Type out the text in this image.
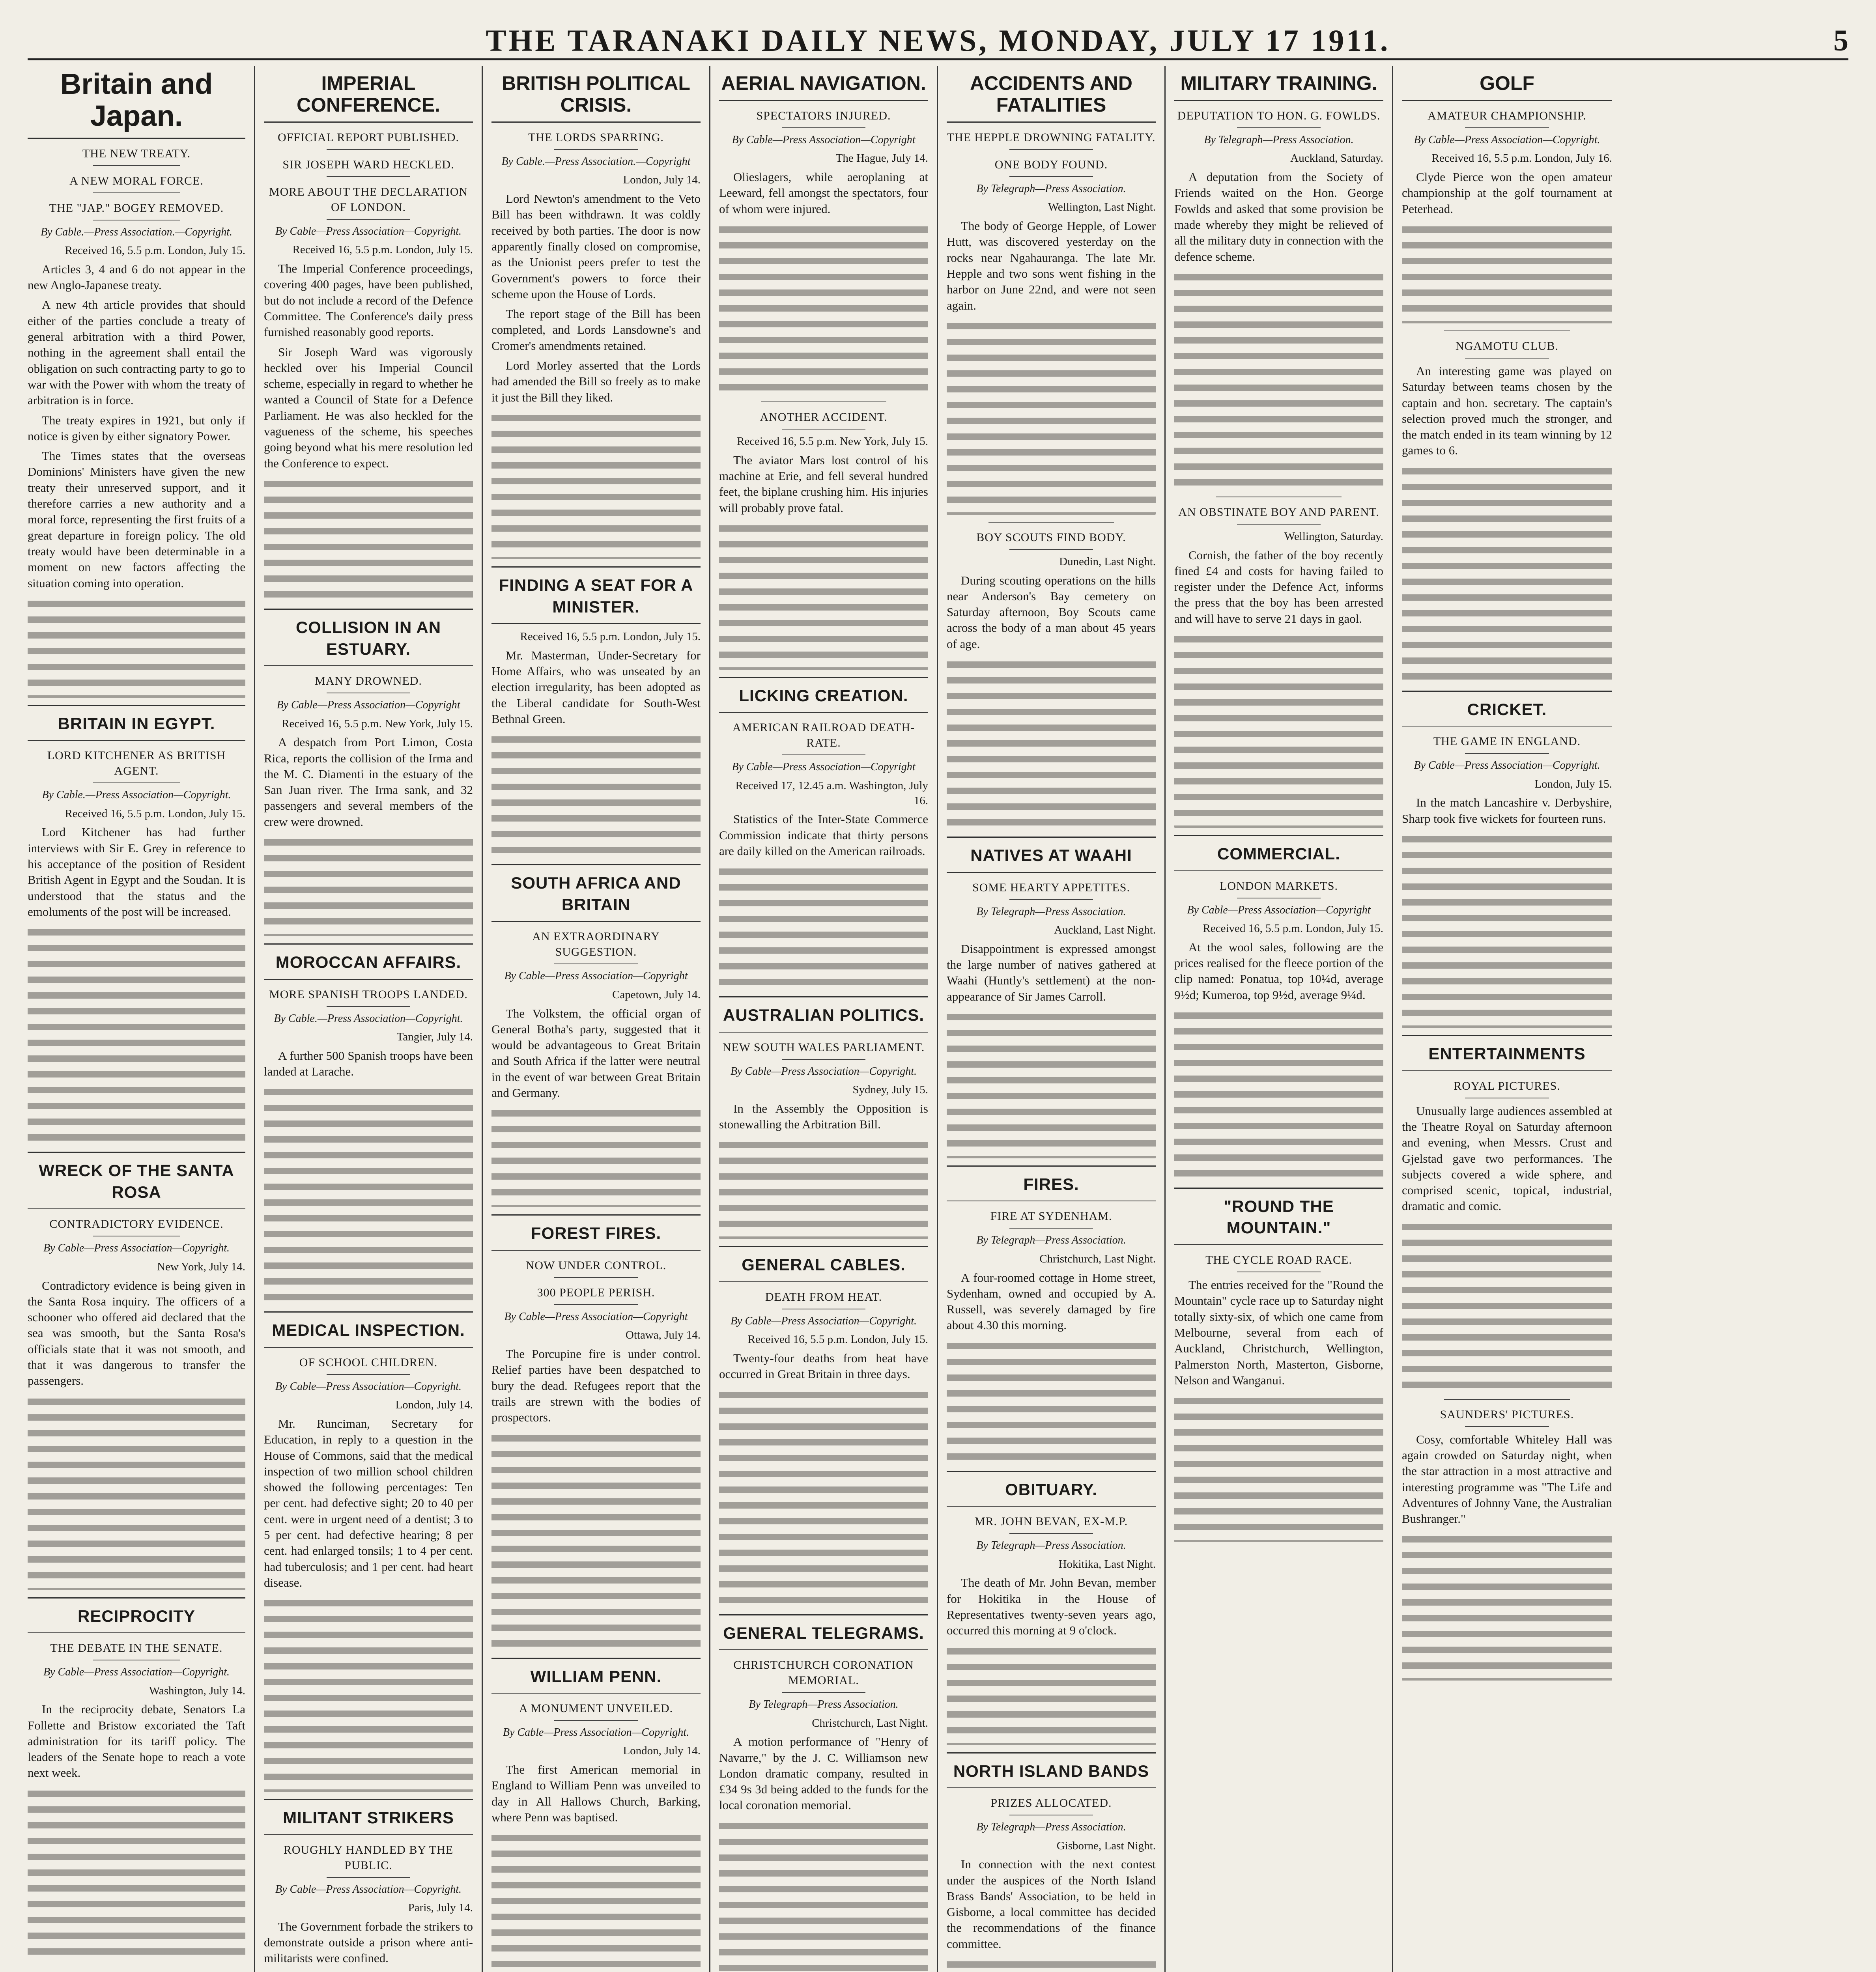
THE TARANAKI DAILY NEWS, MONDAY, JULY 17 1911.	5
Britain and Japan.
THE NEW TREATY.
A NEW MORAL FORCE.
THE "JAP." BOGEY REMOVED.
By Cable.—Press Association.—Copyright.
Received 16, 5.5 p.m. London, July 15.

Articles 3, 4 and 6 do not appear in the new Anglo-Japanese treaty.

A new 4th article provides that should either of the parties conclude a treaty of general arbitration with a third Power, nothing in the agreement shall entail the obligation on such contracting party to go to war with the Power with whom the treaty of arbitration is in force.

The treaty expires in 1921, but only if notice is given by either signatory Power.

The Times states that the overseas Dominions' Ministers have given the new treaty their unreserved support, and it therefore carries a new authority and a moral force, representing the first fruits of a great departure in foreign policy. The old treaty would have been determinable in a moment on new factors affecting the situation coming into operation.

BRITAIN IN EGYPT.
LORD KITCHENER AS BRITISH AGENT.
By Cable.—Press Association—Copyright.
Received 16, 5.5 p.m. London, July 15.

Lord Kitchener has had further interviews with Sir E. Grey in reference to his acceptance of the position of Resident British Agent in Egypt and the Soudan. It is understood that the status and the emoluments of the post will be increased.

WRECK OF THE SANTA ROSA
CONTRADICTORY EVIDENCE.
By Cable—Press Association—Copyright.
New York, July 14.

Contradictory evidence is being given in the Santa Rosa inquiry. The officers of a schooner who offered aid declared that the sea was smooth, but the Santa Rosa's officials state that it was not smooth, and that it was dangerous to transfer the passengers.

RECIPROCITY
THE DEBATE IN THE SENATE.
By Cable—Press Association—Copyright.
Washington, July 14.

In the reciprocity debate, Senators La Follette and Bristow excoriated the Taft administration for its tariff policy. The leaders of the Senate hope to reach a vote next week.

IMPERIAL CONFERENCE.
OFFICIAL REPORT PUBLISHED.
SIR JOSEPH WARD HECKLED.
MORE ABOUT THE DECLARATION OF LONDON.
By Cable—Press Association—Copyright.
Received 16, 5.5 p.m. London, July 15.

The Imperial Conference proceedings, covering 400 pages, have been published, but do not include a record of the Defence Committee. The Conference's daily press furnished reasonably good reports.

Sir Joseph Ward was vigorously heckled over his Imperial Council scheme, especially in regard to whether he wanted a Council of State for a Defence Parliament. He was also heckled for the vagueness of the scheme, his speeches going beyond what his mere resolution led the Conference to expect.

COLLISION IN AN ESTUARY.
MANY DROWNED.
By Cable—Press Association—Copyright
Received 16, 5.5 p.m. New York, July 15.

A despatch from Port Limon, Costa Rica, reports the collision of the Irma and the M. C. Diamenti in the estuary of the San Juan river. The Irma sank, and 32 passengers and several members of the crew were drowned.

MOROCCAN AFFAIRS.
MORE SPANISH TROOPS LANDED.
By Cable.—Press Association—Copyright.
Tangier, July 14.

A further 500 Spanish troops have been landed at Larache.

MEDICAL INSPECTION.
OF SCHOOL CHILDREN.
By Cable—Press Association—Copyright.
London, July 14.

Mr. Runciman, Secretary for Education, in reply to a question in the House of Commons, said that the medical inspection of two million school children showed the following percentages: Ten per cent. had defective sight; 20 to 40 per cent. were in urgent need of a dentist; 3 to 5 per cent. had defective hearing; 8 per cent. had enlarged tonsils; 1 to 4 per cent. had tuberculosis; and 1 per cent. had heart disease.

MILITANT STRIKERS
ROUGHLY HANDLED BY THE PUBLIC.
By Cable—Press Association—Copyright.
Paris, July 14.

The Government forbade the strikers to demonstrate outside a prison where anti-militarists were confined.

BRITISH POLITICAL CRISIS.
THE LORDS SPARRING.
By Cable.—Press Association.—Copyright
London, July 14.

Lord Newton's amendment to the Veto Bill has been withdrawn. It was coldly received by both parties. The door is now apparently finally closed on compromise, as the Unionist peers prefer to test the Government's powers to force their scheme upon the House of Lords.

The report stage of the Bill has been completed, and Lords Lansdowne's and Cromer's amendments retained.

Lord Morley asserted that the Lords had amended the Bill so freely as to make it just the Bill they liked.

FINDING A SEAT FOR A MINISTER.
Received 16, 5.5 p.m. London, July 15.

Mr. Masterman, Under-Secretary for Home Affairs, who was unseated by an election irregularity, has been adopted as the Liberal candidate for South-West Bethnal Green.

SOUTH AFRICA AND BRITAIN
AN EXTRAORDINARY SUGGESTION.
By Cable—Press Association—Copyright
Capetown, July 14.

The Volkstem, the official organ of General Botha's party, suggested that it would be advantageous to Great Britain and South Africa if the latter were neutral in the event of war between Great Britain and Germany.

FOREST FIRES.
NOW UNDER CONTROL.
300 PEOPLE PERISH.
By Cable—Press Association—Copyright
Ottawa, July 14.

The Porcupine fire is under control. Relief parties have been despatched to bury the dead. Refugees report that the trails are strewn with the bodies of prospectors.

WILLIAM PENN.
A MONUMENT UNVEILED.
By Cable—Press Association—Copyright.
London, July 14.

The first American memorial in England to William Penn was unveiled to day in All Hallows Church, Barking, where Penn was baptised.

AERIAL NAVIGATION.
SPECTATORS INJURED.
By Cable—Press Association—Copyright
The Hague, July 14.

Olieslagers, while aeroplaning at Leeward, fell amongst the spectators, four of whom were injured.

ANOTHER ACCIDENT.
Received 16, 5.5 p.m. New York, July 15.

The aviator Mars lost control of his machine at Erie, and fell several hundred feet, the biplane crushing him. His injuries will probably prove fatal.

LICKING CREATION.
AMERICAN RAILROAD DEATH-RATE.
By Cable—Press Association—Copyright
Received 17, 12.45 a.m. Washington, July 16.

Statistics of the Inter-State Commerce Commission indicate that thirty persons are daily killed on the American railroads.

AUSTRALIAN POLITICS.
NEW SOUTH WALES PARLIAMENT.
By Cable—Press Association—Copyright.
Sydney, July 15.

In the Assembly the Opposition is stonewalling the Arbitration Bill.

GENERAL CABLES.
DEATH FROM HEAT.
By Cable—Press Association—Copyright.
Received 16, 5.5 p.m. London, July 15.

Twenty-four deaths from heat have occurred in Great Britain in three days.

GENERAL TELEGRAMS.
CHRISTCHURCH CORONATION MEMORIAL.
By Telegraph—Press Association.
Christchurch, Last Night.

A motion performance of "Henry of Navarre," by the J. C. Williamson new London dramatic company, resulted in £34 9s 3d being added to the funds for the local coronation memorial.

ACCIDENTS AND FATALITIES
THE HEPPLE DROWNING FATALITY.
ONE BODY FOUND.
By Telegraph—Press Association.
Wellington, Last Night.

The body of George Hepple, of Lower Hutt, was discovered yesterday on the rocks near Ngahauranga. The late Mr. Hepple and two sons went fishing in the harbor on June 22nd, and were not seen again.

BOY SCOUTS FIND BODY.
Dunedin, Last Night.

During scouting operations on the hills near Anderson's Bay cemetery on Saturday afternoon, Boy Scouts came across the body of a man about 45 years of age.

NATIVES AT WAAHI
SOME HEARTY APPETITES.
By Telegraph—Press Association.
Auckland, Last Night.

Disappointment is expressed amongst the large number of natives gathered at Waahi (Huntly's settlement) at the non-appearance of Sir James Carroll.

FIRES.
FIRE AT SYDENHAM.
By Telegraph—Press Association.
Christchurch, Last Night.

A four-roomed cottage in Home street, Sydenham, owned and occupied by A. Russell, was severely damaged by fire about 4.30 this morning.

OBITUARY.
MR. JOHN BEVAN, EX-M.P.
By Telegraph—Press Association.
Hokitika, Last Night.

The death of Mr. John Bevan, member for Hokitika in the House of Representatives twenty-seven years ago, occurred this morning at 9 o'clock.

NORTH ISLAND BANDS
PRIZES ALLOCATED.
By Telegraph—Press Association.
Gisborne, Last Night.

In connection with the next contest under the auspices of the North Island Brass Bands' Association, to be held in Gisborne, a local committee has decided the recommendations of the finance committee.

MILITARY TRAINING.
DEPUTATION TO HON. G. FOWLDS.
By Telegraph—Press Association.
Auckland, Saturday.

A deputation from the Society of Friends waited on the Hon. George Fowlds and asked that some provision be made whereby they might be relieved of all the military duty in connection with the defence scheme.

AN OBSTINATE BOY AND PARENT.
Wellington, Saturday.

Cornish, the father of the boy recently fined £4 and costs for having failed to register under the Defence Act, informs the press that the boy has been arrested and will have to serve 21 days in gaol.

COMMERCIAL.
LONDON MARKETS.
By Cable—Press Association—Copyright
Received 16, 5.5 p.m. London, July 15.

At the wool sales, following are the prices realised for the fleece portion of the clip named: Ponatua, top 10¼d, average 9½d; Kumeroa, top 9½d, average 9¼d.

"ROUND THE MOUNTAIN."
THE CYCLE ROAD RACE.

The entries received for the "Round the Mountain" cycle race up to Saturday night totally sixty-six, of which one came from Melbourne, several from each of Auckland, Christchurch, Wellington, Palmerston North, Masterton, Gisborne, Nelson and Wanganui.

GOLF
AMATEUR CHAMPIONSHIP.
By Cable—Press Association—Copyright.
Received 16, 5.5 p.m. London, July 16.

Clyde Pierce won the open amateur championship at the golf tournament at Peterhead.

NGAMOTU CLUB.

An interesting game was played on Saturday between teams chosen by the captain and hon. secretary. The captain's selection proved much the stronger, and the match ended in its team winning by 12 games to 6.

CRICKET.
THE GAME IN ENGLAND.
By Cable—Press Association—Copyright.
London, July 15.

In the match Lancashire v. Derbyshire, Sharp took five wickets for fourteen runs.

ENTERTAINMENTS
ROYAL PICTURES.

Unusually large audiences assembled at the Theatre Royal on Saturday afternoon and evening, when Messrs. Crust and Gjelstad gave two performances. The subjects covered a wide sphere, and comprised scenic, topical, industrial, dramatic and comic.

SAUNDERS' PICTURES.

Cosy, comfortable Whiteley Hall was again crowded on Saturday night, when the star attraction in a most attractive and interesting programme was "The Life and Adventures of Johnny Vane, the Australian Bushranger."
